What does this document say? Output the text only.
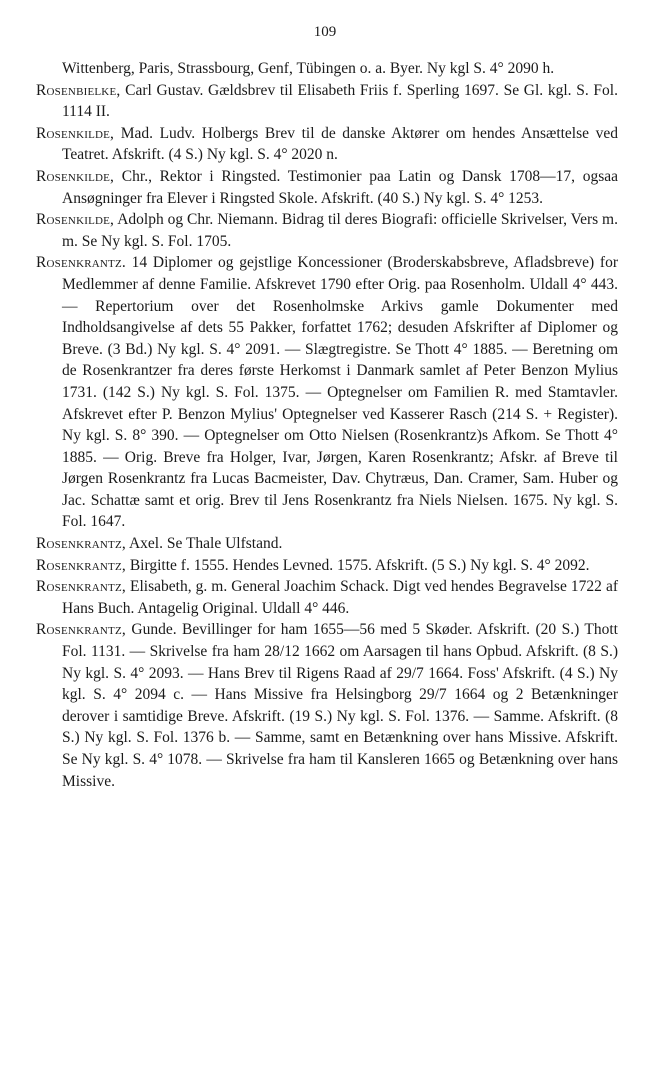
109

Wittenberg, Paris, Strassbourg, Genf, Tübingen o. a. Byer. Ny kgl S. 4° 2090 h.

Rosenbielke, Carl Gustav. Gældsbrev til Elisabeth Friis f. Sperling 1697. Se Gl. kgl. S. Fol. 1114 II.

Rosenkilde, Mad. Ludv. Holbergs Brev til de danske Aktører om hendes Ansættelse ved Teatret. Afskrift. (4 S.) Ny kgl. S. 4° 2020 n.

Rosenkilde, Chr., Rektor i Ringsted. Testimonier paa Latin og Dansk 1708—17, ogsaa Ansøgninger fra Elever i Ringsted Skole. Afskrift. (40 S.) Ny kgl. S. 4° 1253.

Rosenkilde, Adolph og Chr. Niemann. Bidrag til deres Biografi: officielle Skrivelser, Vers m. m. Se Ny kgl. S. Fol. 1705.

Rosenkrantz. 14 Diplomer og gejstlige Koncessioner (Broderskabsbreve, Afladsbreve) for Medlemmer af denne Familie. Afskrevet 1790 efter Orig. paa Rosenholm. Uldall 4° 443. — Repertorium over det Rosenholmske Arkivs gamle Dokumenter med Indholdsangivelse af dets 55 Pakker, forfattet 1762; desuden Afskrifter af Diplomer og Breve. (3 Bd.) Ny kgl. S. 4° 2091. — Slægtregistre. Se Thott 4° 1885. — Beretning om de Rosenkrantzer fra deres første Herkomst i Danmark samlet af Peter Benzon Mylius 1731. (142 S.) Ny kgl. S. Fol. 1375. — Optegnelser om Familien R. med Stamtavler. Afskrevet efter P. Benzon Mylius' Optegnelser ved Kasserer Rasch (214 S. + Register). Ny kgl. S. 8° 390. — Optegnelser om Otto Nielsen (Rosenkrantz)s Afkom. Se Thott 4° 1885. — Orig. Breve fra Holger, Ivar, Jørgen, Karen Rosenkrantz; Afskr. af Breve til Jørgen Rosenkrantz fra Lucas Bacmeister, Dav. Chytræus, Dan. Cramer, Sam. Huber og Jac. Schattæ samt et orig. Brev til Jens Rosenkrantz fra Niels Nielsen. 1675. Ny kgl. S. Fol. 1647.

Rosenkrantz, Axel. Se Thale Ulfstand.

Rosenkrantz, Birgitte f. 1555. Hendes Levned. 1575. Afskrift. (5 S.) Ny kgl. S. 4° 2092.

Rosenkrantz, Elisabeth, g. m. General Joachim Schack. Digt ved hendes Begravelse 1722 af Hans Buch. Antagelig Original. Uldall 4° 446.

Rosenkrantz, Gunde. Bevillinger for ham 1655—56 med 5 Skøder. Afskrift. (20 S.) Thott Fol. 1131. — Skrivelse fra ham 28/12 1662 om Aarsagen til hans Opbud. Afskrift. (8 S.) Ny kgl. S. 4° 2093. — Hans Brev til Rigens Raad af 29/7 1664. Foss' Afskrift. (4 S.) Ny kgl. S. 4° 2094 c. — Hans Missive fra Helsingborg 29/7 1664 og 2 Betænkninger derover i samtidige Breve. Afskrift. (19 S.) Ny kgl. S. Fol. 1376. — Samme. Afskrift. (8 S.) Ny kgl. S. Fol. 1376 b. — Samme, samt en Betænkning over hans Missive. Afskrift. Se Ny kgl. S. 4° 1078. — Skrivelse fra ham til Kansleren 1665 og Betænkning over hans Missive.
